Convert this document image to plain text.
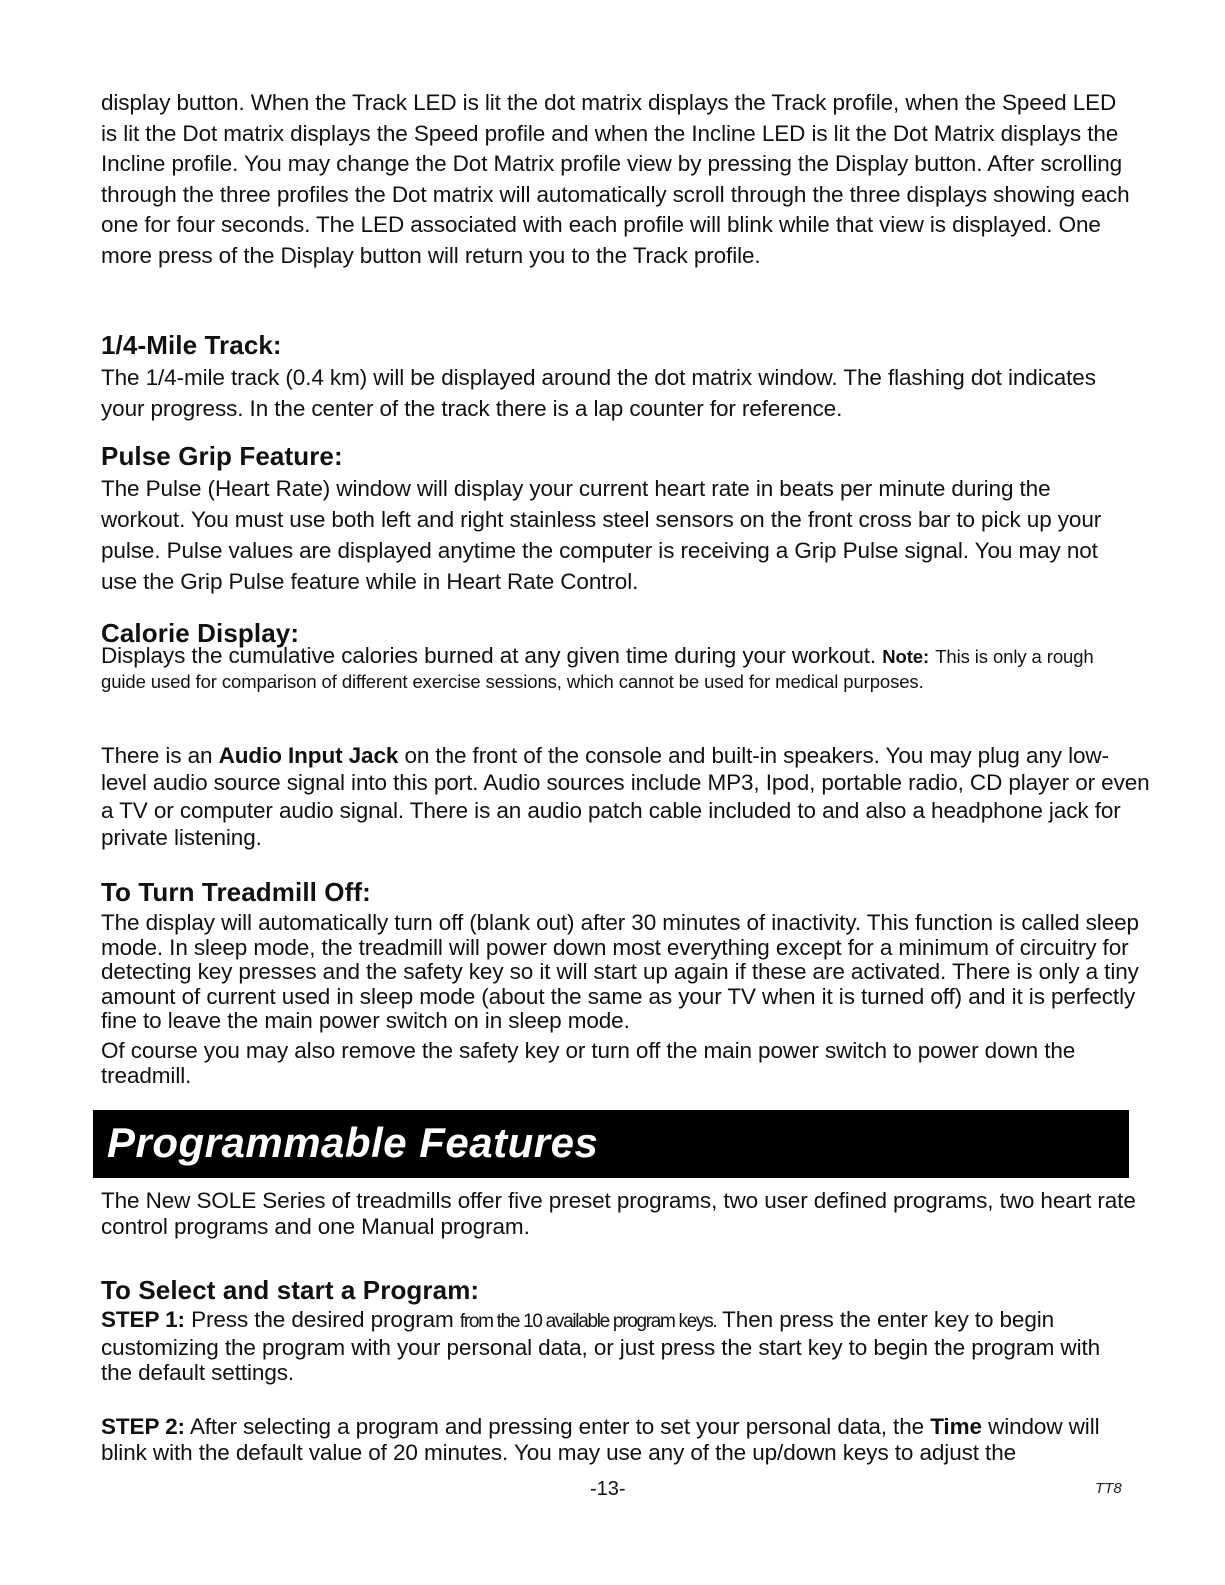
display button. When the Track LED is lit the dot matrix displays the Track profile, when the Speed LED is lit the Dot matrix displays the Speed profile and when the Incline LED is lit the Dot Matrix displays the Incline profile. You may change the Dot Matrix profile view by pressing the Display button. After scrolling through the three profiles the Dot matrix will automatically scroll through the three displays showing each one for four seconds. The LED associated with each profile will blink while that view is displayed. One more press of the Display button will return you to the Track profile.

1/4-Mile Track:

The 1/4-mile track (0.4 km) will be displayed around the dot matrix window. The flashing dot indicates your progress. In the center of the track there is a lap counter for reference.

Pulse Grip Feature:

The Pulse (Heart Rate) window will display your current heart rate in beats per minute during the workout. You must use both left and right stainless steel sensors on the front cross bar to pick up your pulse. Pulse values are displayed anytime the computer is receiving a Grip Pulse signal. You may not use the Grip Pulse feature while in Heart Rate Control.

Calorie Display:

Displays the cumulative calories burned at any given time during your workout. Note: This is only a rough guide used for comparison of different exercise sessions, which cannot be used for medical purposes.

There is an Audio Input Jack on the front of the console and built-in speakers. You may plug any low-level audio source signal into this port. Audio sources include MP3, Ipod, portable radio, CD player or even a TV or computer audio signal. There is an audio patch cable included to and also a headphone jack for private listening.

To Turn Treadmill Off:

The display will automatically turn off (blank out) after 30 minutes of inactivity. This function is called sleep mode. In sleep mode, the treadmill will power down most everything except for a minimum of circuitry for detecting key presses and the safety key so it will start up again if these are activated. There is only a tiny amount of current used in sleep mode (about the same as your TV when it is turned off) and it is perfectly fine to leave the main power switch on in sleep mode.

Of course you may also remove the safety key or turn off the main power switch to power down the treadmill.

Programmable Features

The New SOLE Series of treadmills offer five preset programs, two user defined programs, two heart rate control programs and one Manual program.

To Select and start a Program:

STEP 1: Press the desired program from the 10 available program keys. Then press the enter key to begin customizing the program with your personal data, or just press the start key to begin the program with the default settings.

STEP 2: After selecting a program and pressing enter to set your personal data, the Time window will blink with the default value of 20 minutes. You may use any of the up/down keys to adjust the

-13-	TT8
